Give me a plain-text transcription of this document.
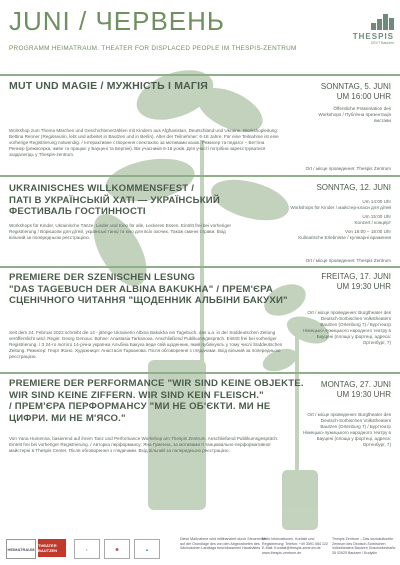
JUNI / ЧЕРВЕНЬ
PROGRAMM HEIMATRAUM. THEATER FOR DISPLACED PEOPLE IM THESPIS-ZENTRUM
THESPIS
DSVT Bautzen
MUT UND MAGIE / МУЖНІСТЬ І МАГІЯ	SONNTAG, 5. JUNI
UM 16:00 UHR
Öffentliche Präsentation des Workshops / Публічна презентація вистави
Workshop zum Thema Märchen und Geschichtenerzählen mit Kindern aus Afghanistan, Deutschland und Ukraine. Workshopleitung: Bettina Renner (Regisseurin, lebt und arbeitet in Bautzen und in Berlin). Alter der Teilnehmer: 6-18 Jahre. Für eine Teilnahme ist eine vorherige Registrierung notwendig. / Інтерактивне створення спектаклю за мотивами казок. Режисер та педагог – Беттіна Реннер (режисерка, живе та працює у Бауцені та Берліні). Вік учасників 6-18 років. Для участі потрібна зареєструватися заздалегідь у Thespis-zentrum.
Ort / місце проведення: Thespis Zentrum
UKRAINISCHES WILLKOMMENSFEST /
ПАТІ В УКРАЇНСЬКІЙ ХАТІ — УКРАЇНСЬКИЙ
ФЕСТИВАЛЬ ГОСТИННОСТІ
SONNTAG, 12. JUNI
Um 14:00 Uhr
Workshops für Kinder / майстер-класи для дітей
Um 15:00 Uhr
Konzert / концерт
Von 16:00 – 18:00 Uhr
Kulinarische Erlebnisse / кулінарні враження
Workshops für Kinder, Ukrainische Tänze, Lieder und Kino für alle, Leckeres Essen. Eintritt frei bei vorheriger Registrierung / Воркшопи для дітей, українські танці та кіно для всіх охочих. Також смачні страви. Вхід вільний за попередньою реєстрацією.
Ort / місце проведення: Thespis Zentrum
PREMIERE DER SZENISCHEN LESUNG
"DAS TAGEBUCH DER ALBINA BAKUKHA" / ПРЕМ'ЄРА
СЦЕНІЧНОГО ЧИТАННЯ "ЩОДЕННИК АЛЬБІНИ БАКУХИ"
FREITAG, 17. JUNI
UM 19:30 UHR
Seit dem 24. Februar 2022 schreibt die 14 - jährige Ukrainerin Albina Bakukha ein Tagebuch, das u.a. in der Süddeutschen Zeitung veröffentlicht wird. Regie: Georg Genoux. Bühne: Anastasia Tarkanova. Anschließend Publikumsgespräch. Eintritt frei bei vorheriger Registrierung. / З 24-го лютого 14-річна українка Альбіна Бакуха веде свій щоденник, який публікують у тому числі Süddeutschen Zeitung. Режисер: Георг Жоно. Художниця: Анастасія Тарканова. Після обговорення з глядачами. Вхід вільний за попередньою реєстрацією.
Ort / місце проведення: Burgtheater des Deutsch-Sorbischen Volkstheaters Bautzen (Ortenburg 7) / Бургтеатр Німецько-лужицького народного театру в Бауцені (площа у фортеці, адреса: Ортенбург, 7)
PREMIERE DER PERFORMANCE "WIR SIND KEINE OBJEKTE.
WIR SIND KEINE ZIFFERN. WIR SIND KEIN FLEISCH."
/ ПРЕМ'ЄРА ПЕРФОРМАНСУ "МИ НЕ ОБ'ЄКТИ. МИ НЕ
ЦИФРИ. МИ НЕ М'ЯСО."
MONTAG, 27. JUNI
UM 19:30 UHR
Ort / місце проведення: Burgtheater des Deutsch-Sorbischen Volkstheaters Bautzen (Ortenburg 7) / Бургтеатр Німецько-лужицького народного театру в Бауцені (площа у фортеці, адреса: Ортенбург, 7)
Von Yana Humenna, basierend auf ihrem Tanz und Performance Workshop am Thespis Zentrum. Anschließend Publikumsgespräch. Eintritt frei bei vorheriger Registrierung. / Авторка перформансу: Яна Гуменна, за мотивами її танцювально-перформативної майстерні в Thespis Center. Після обговорення з глядачами. Вхід вільний за попередньою реєстрацією.
HEIMATRAUM
THEATER BAUTZEN	◐	✺	▲
Diese Maßnahme wird mitfinanziert durch Steuermittel auf der Grundlage des von den Abgeordneten des Sächsischen Landtags beschlossenen Haushaltes
Mehr Informationen, Kontakt und Registrierung: Telefon: +49 3591 584 122 E-Mail: Kontakt@thespis-zentrum.de www.thespis-zentrum.de
Thespis Zentrum – Das soziokulturelle Zentrum des Deutsch-Sorbischen Volkstheaters Bautzen Goschwitzstraße 35 02625 Bautzen / Budyšin
